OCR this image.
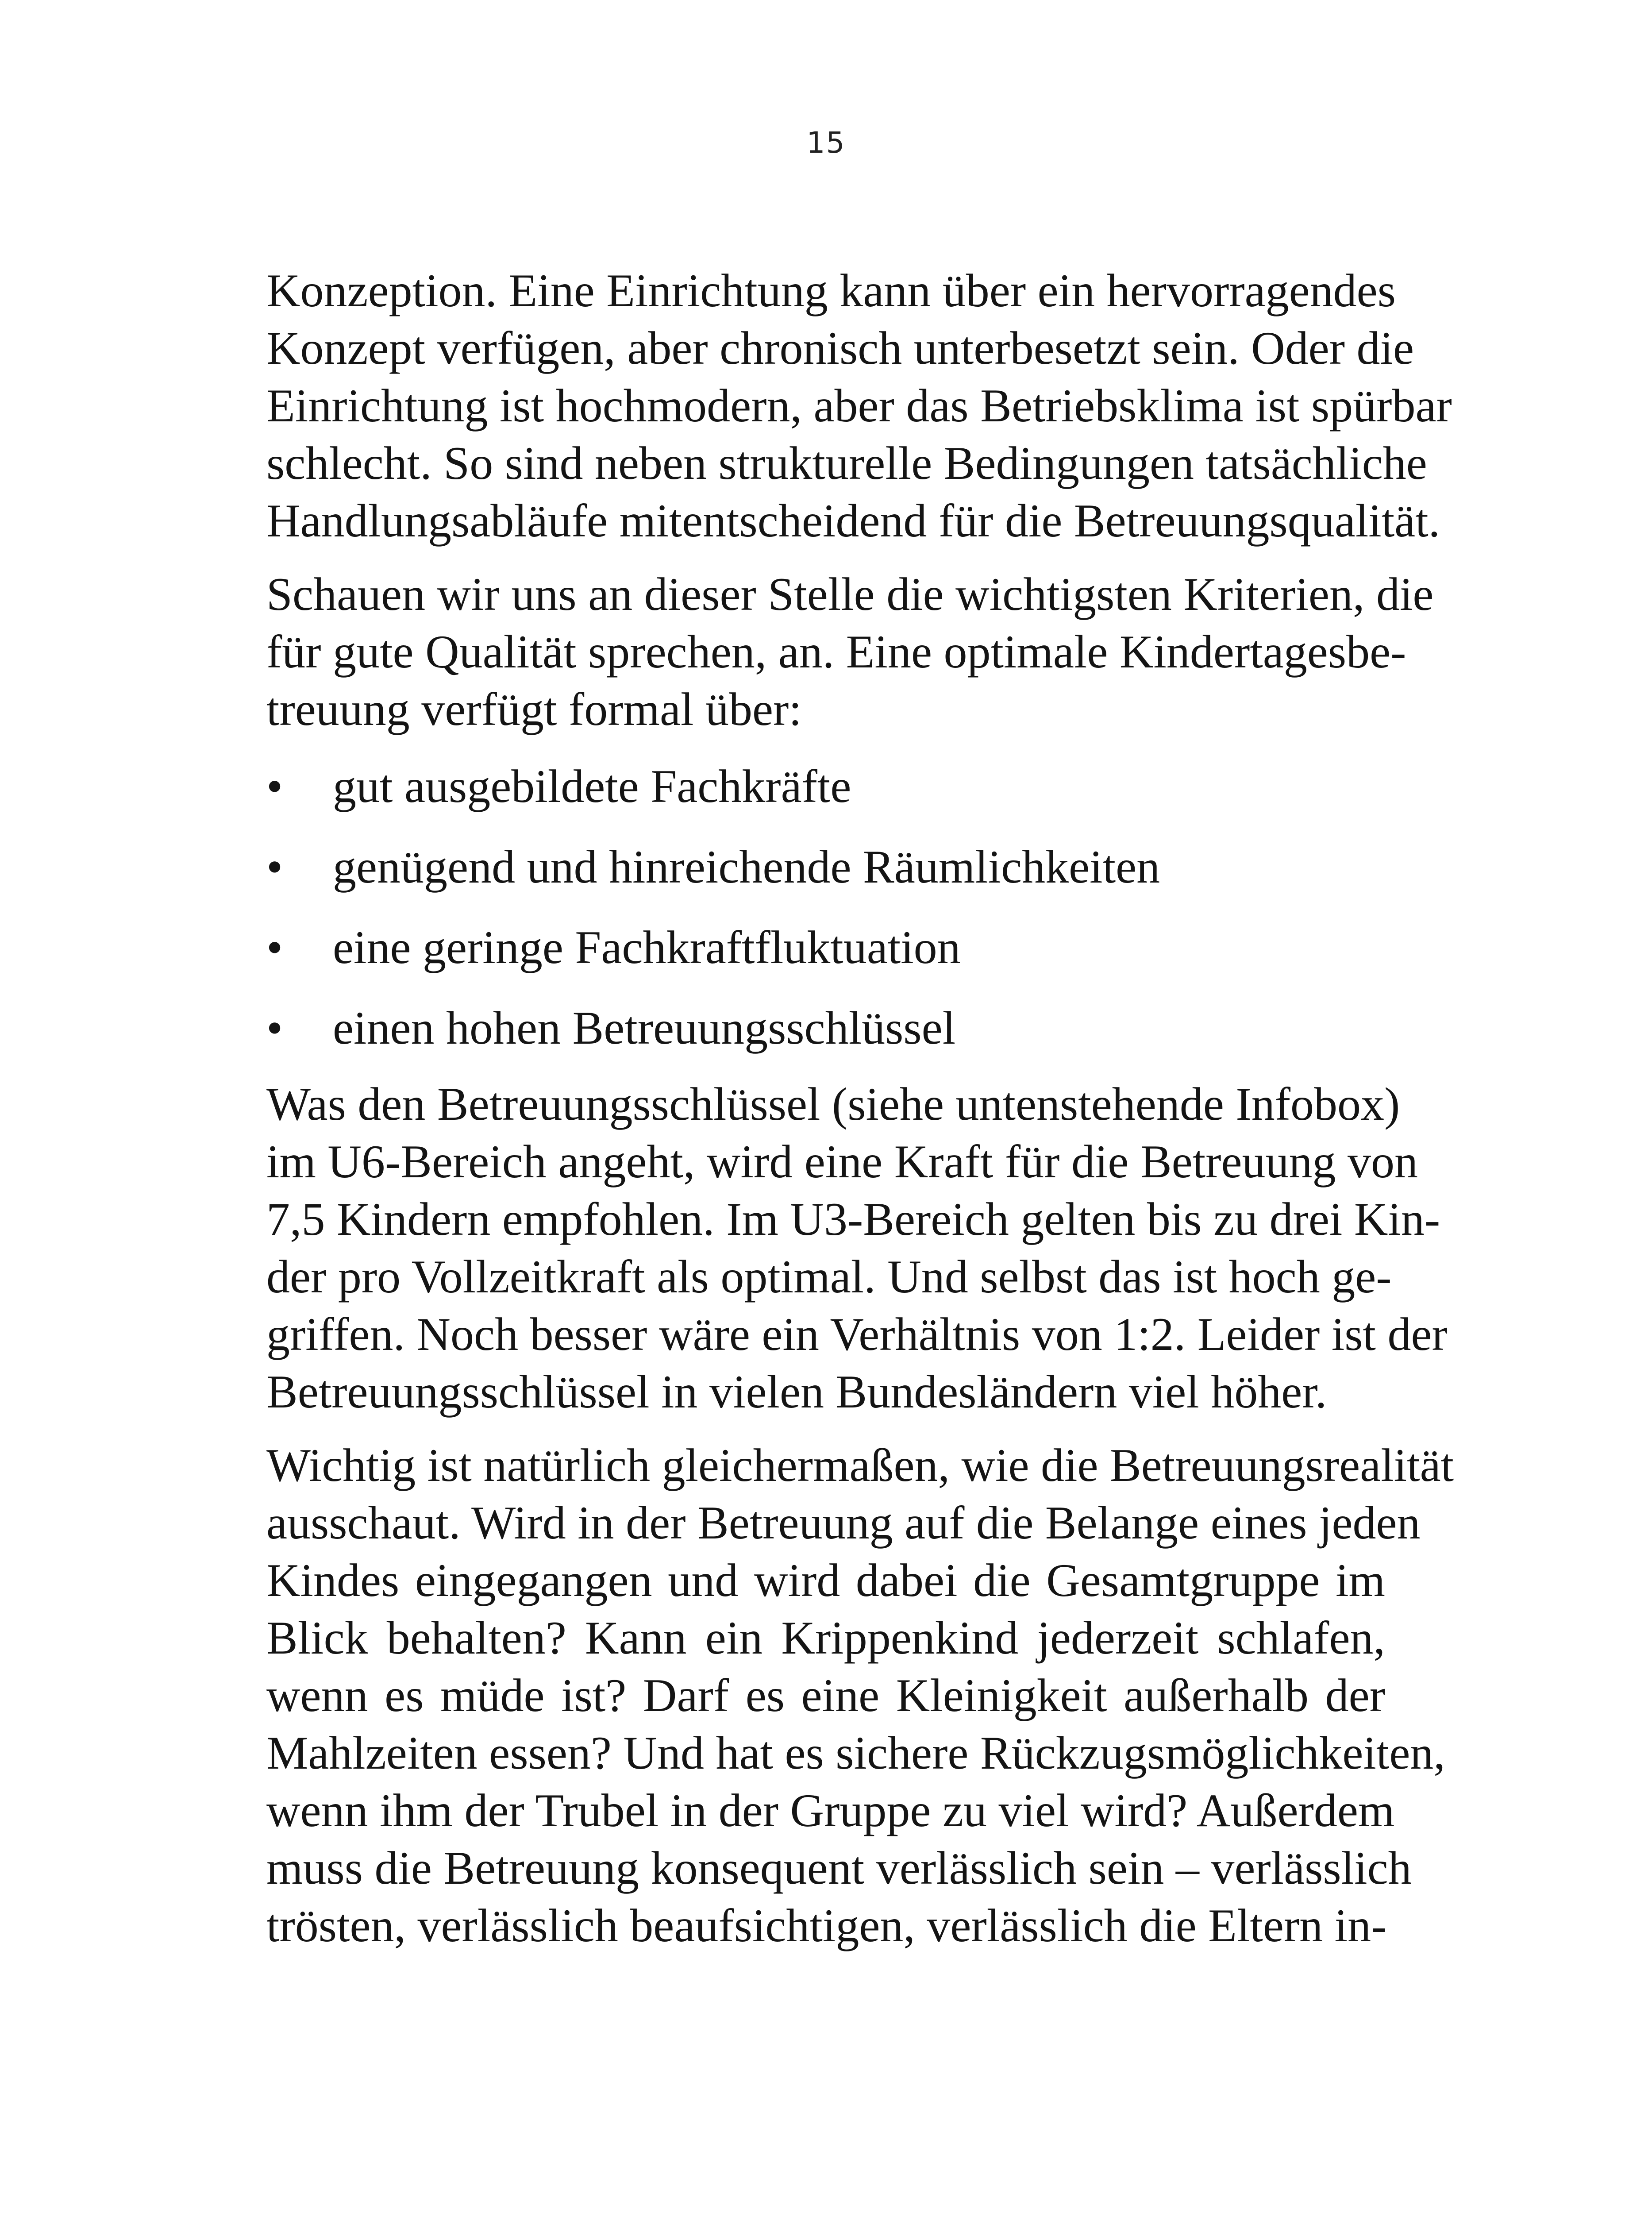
15

Konzeption. Eine Einrichtung kann über ein hervorragendes
Konzept verfügen, aber chronisch unterbesetzt sein. Oder die
Einrichtung ist hochmodern, aber das Betriebsklima ist spürbar
schlecht. So sind neben strukturelle Bedingungen tatsächliche
Handlungsabläufe mitentscheidend für die Betreuungsqualität.

Schauen wir uns an dieser Stelle die wichtigsten Kriterien, die
für gute Qualität sprechen, an. Eine optimale Kindertagesbe-
treuung verfügt formal über:

•	gut ausgebildete Fachkräfte
•	genügend und hinreichende Räumlichkeiten
•	eine geringe Fachkraftfluktuation
•	einen hohen Betreuungsschlüssel

Was den Betreuungsschlüssel (siehe untenstehende Infobox)
im U6-Bereich angeht, wird eine Kraft für die Betreuung von
7,5 Kindern empfohlen. Im U3-Bereich gelten bis zu drei Kin-
der pro Vollzeitkraft als optimal. Und selbst das ist hoch ge-
griffen. Noch besser wäre ein Verhältnis von 1:2. Leider ist der
Betreuungsschlüssel in vielen Bundesländern viel höher.

Wichtig ist natürlich gleichermaßen, wie die Betreuungsrealität
ausschaut. Wird in der Betreuung auf die Belange eines jeden
Kindes eingegangen und wird dabei die Gesamtgruppe im
Blick behalten? Kann ein Krippenkind jederzeit schlafen,
wenn es müde ist? Darf es eine Kleinigkeit außerhalb der
Mahlzeiten essen? Und hat es sichere Rückzugsmöglichkeiten,
wenn ihm der Trubel in der Gruppe zu viel wird? Außerdem
muss die Betreuung konsequent verlässlich sein – verlässlich
trösten, verlässlich beaufsichtigen, verlässlich die Eltern in-
